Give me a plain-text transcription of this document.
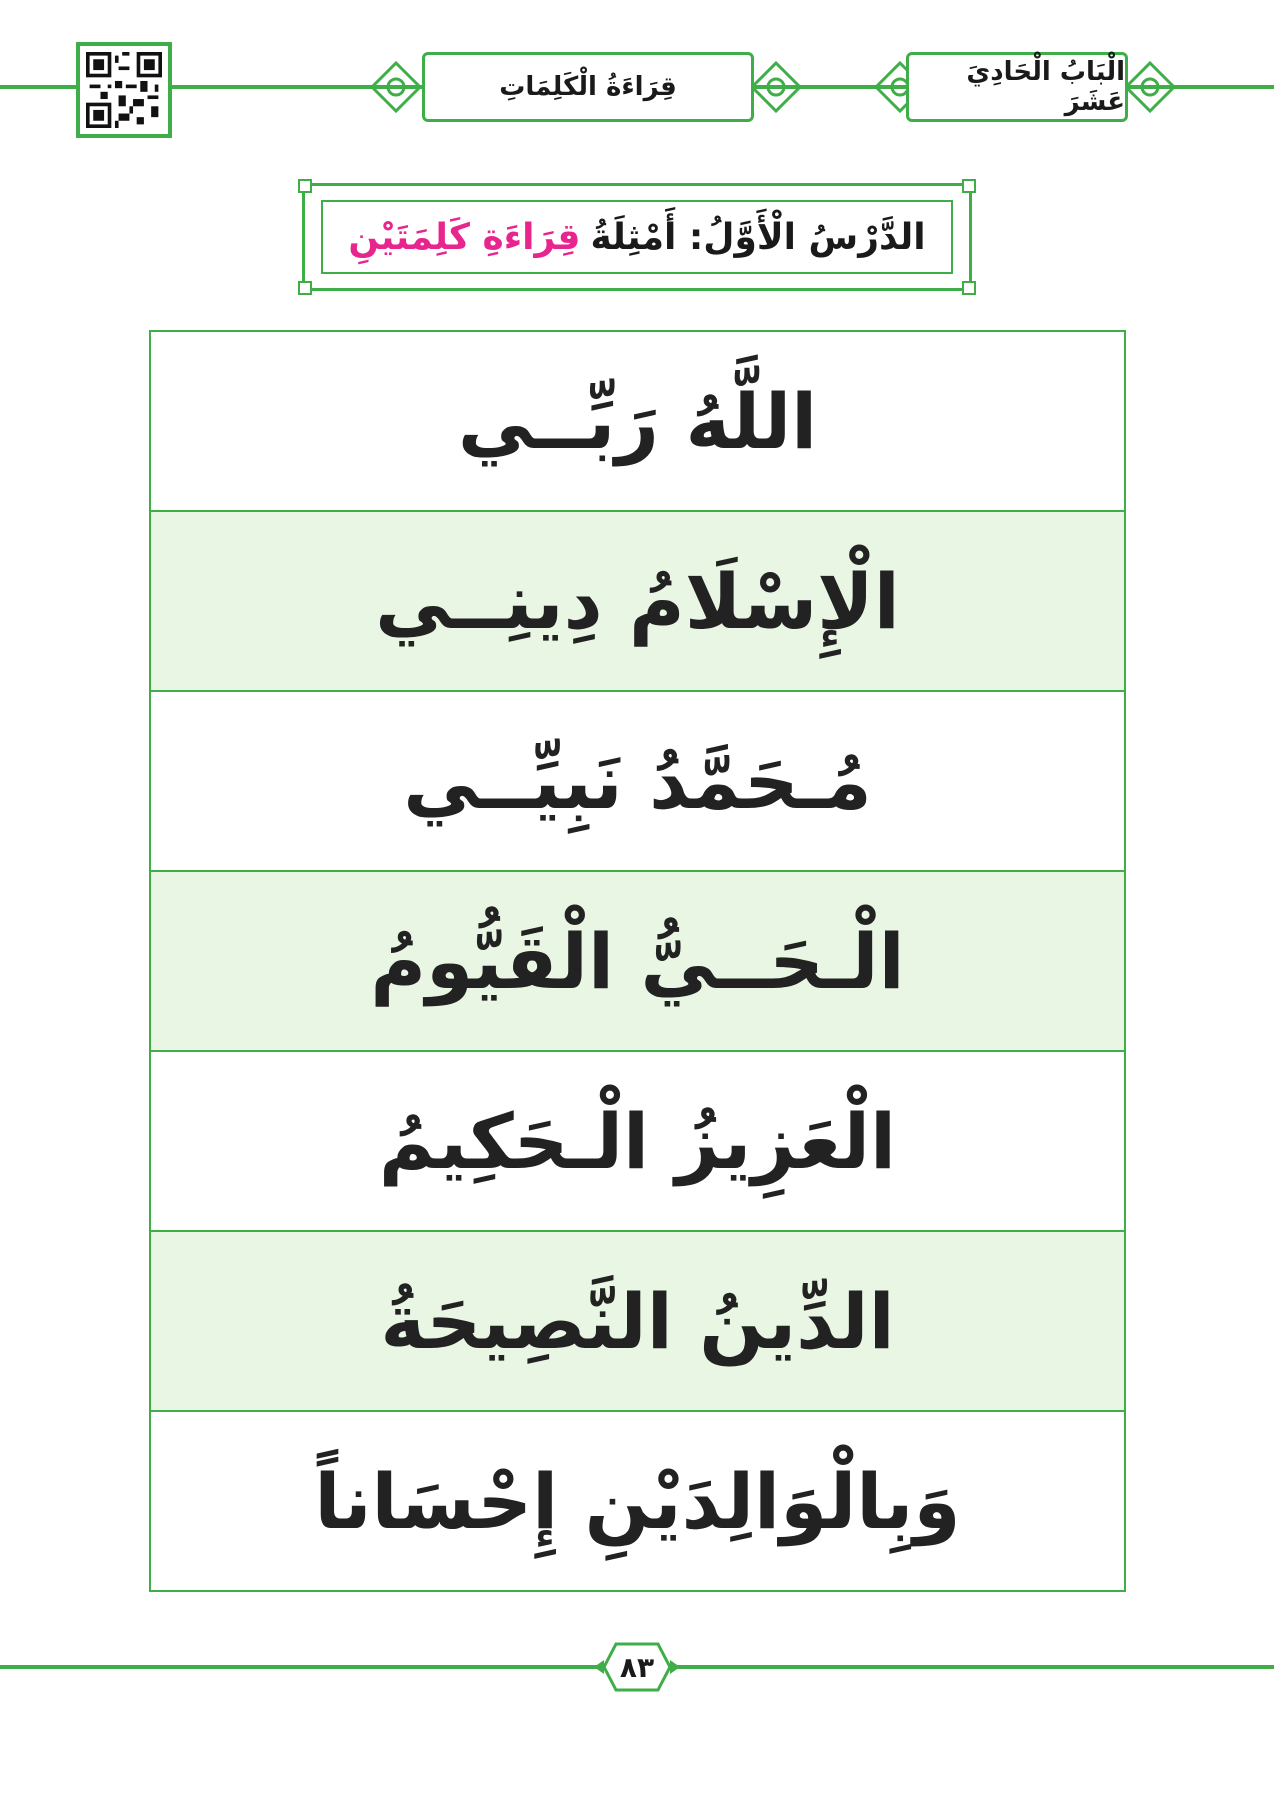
قِرَاءَةُ الْكَلِمَاتِ	الْبَابُ الْحَادِيَ عَشَرَ
الدَّرْسُ الْأَوَّلُ: أَمْثِلَةُ
قِرَاءَةِ كَلِمَتَيْنِ
اللَّهُ رَبِّــي
الْإِسْلَامُ دِينِــي
مُـحَمَّدُ نَبِيِّــي
الْـحَــيُّ الْقَيُّومُ
الْعَزِيزُ الْـحَكِيمُ
الدِّينُ النَّصِيحَةُ
وَبِالْوَالِدَيْنِ إِحْسَاناً
٨٣
